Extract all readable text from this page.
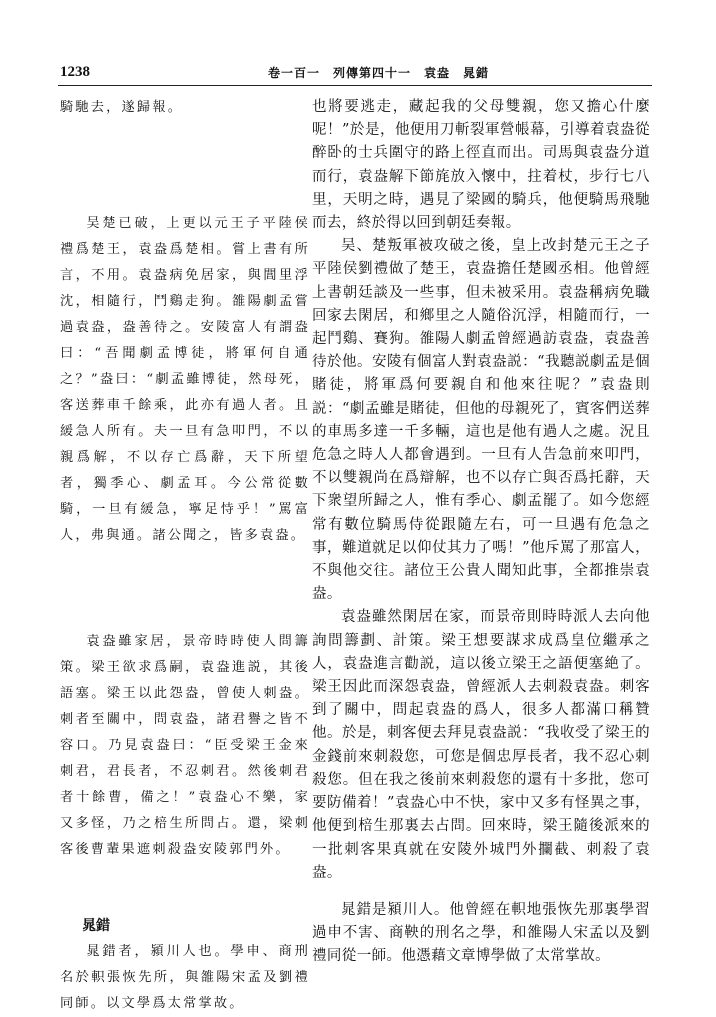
1238	卷一百一　列傳第四十一　袁盎　晁錯

騎馳去，遂歸報。

吴楚已破，上更以元王子平陸侯禮爲楚王，袁盎爲楚相。嘗上書有所言，不用。袁盎病免居家，與閭里浮沈，相隨行，鬥鷄走狗。雒陽劇孟嘗過袁盎，盎善待之。安陵富人有謂盎曰：“吾聞劇孟博徒，將軍何自通之？”盎曰：“劇孟雖博徒，然母死，客送葬車千餘乘，此亦有過人者。且緩急人所有。夫一旦有急叩門，不以親爲解，不以存亡爲辭，天下所望者，獨季心、劇孟耳。今公常從數騎，一旦有緩急，寧足恃乎！”罵富人，弗與通。諸公聞之，皆多袁盎。

袁盎雖家居，景帝時時使人問籌策。梁王欲求爲嗣，袁盎進説，其後語塞。梁王以此怨盎，曾使人刺盎。刺者至關中，問袁盎，諸君譽之皆不容口。乃見袁盎曰：“臣受梁王金來刺君，君長者，不忍刺君。然後刺君者十餘曹，備之！”袁盎心不樂，家又多怪，乃之棓生所問占。還，梁刺客後曹輩果遮刺殺盎安陵郭門外。

晁錯

晁錯者，潁川人也。學申、商刑名於軹張恢先所，與雒陽宋孟及劉禮同師。以文學爲太常掌故。

也將要逃走，藏起我的父母雙親，您又擔心什麼呢！”於是，他便用刀斬裂軍營帳幕，引導着袁盎從醉卧的士兵圍守的路上徑直而出。司馬與袁盎分道而行，袁盎解下節旄放入懷中，拄着杖，步行七八里，天明之時，遇見了梁國的騎兵，他便騎馬飛馳而去，終於得以回到朝廷奏報。

吴、楚叛軍被攻破之後，皇上改封楚元王之子平陸侯劉禮做了楚王，袁盎擔任楚國丞相。他曾經上書朝廷談及一些事，但未被采用。袁盎稱病免職回家去閑居，和鄉里之人隨俗沉浮，相隨而行，一起鬥鷄、賽狗。雒陽人劇孟曾經過訪袁盎，袁盎善待於他。安陵有個富人對袁盎説：“我聽説劇孟是個賭徒，將軍爲何要親自和他來往呢？”袁盎則説：“劇孟雖是賭徒，但他的母親死了，賓客們送葬的車馬多達一千多輛，這也是他有過人之處。況且危急之時人人都會遇到。一旦有人告急前來叩門，不以雙親尚在爲辯解，也不以存亡與否爲托辭，天下衆望所歸之人，惟有季心、劇孟罷了。如今您經常有數位騎馬侍從跟隨左右，可一旦遇有危急之事，難道就足以仰仗其力了嗎！”他斥罵了那富人，不與他交往。諸位王公貴人聞知此事，全都推崇袁盎。

袁盎雖然閑居在家，而景帝則時時派人去向他詢問籌劃、計策。梁王想要謀求成爲皇位繼承之人，袁盎進言勸説，這以後立梁王之語便塞絶了。梁王因此而深怨袁盎，曾經派人去刺殺袁盎。刺客到了關中，問起袁盎的爲人，很多人都滿口稱贊他。於是，刺客便去拜見袁盎説：“我收受了梁王的金錢前來刺殺您，可您是個忠厚長者，我不忍心刺殺您。但在我之後前來刺殺您的還有十多批，您可要防備着！”袁盎心中不快，家中又多有怪異之事，他便到棓生那裏去占問。回來時，梁王隨後派來的一批刺客果真就在安陵外城門外攔截、刺殺了袁盎。

晁錯是潁川人。他曾經在軹地張恢先那裏學習過申不害、商鞅的刑名之學，和雒陽人宋孟以及劉禮同從一師。他憑藉文章博學做了太常掌故。
